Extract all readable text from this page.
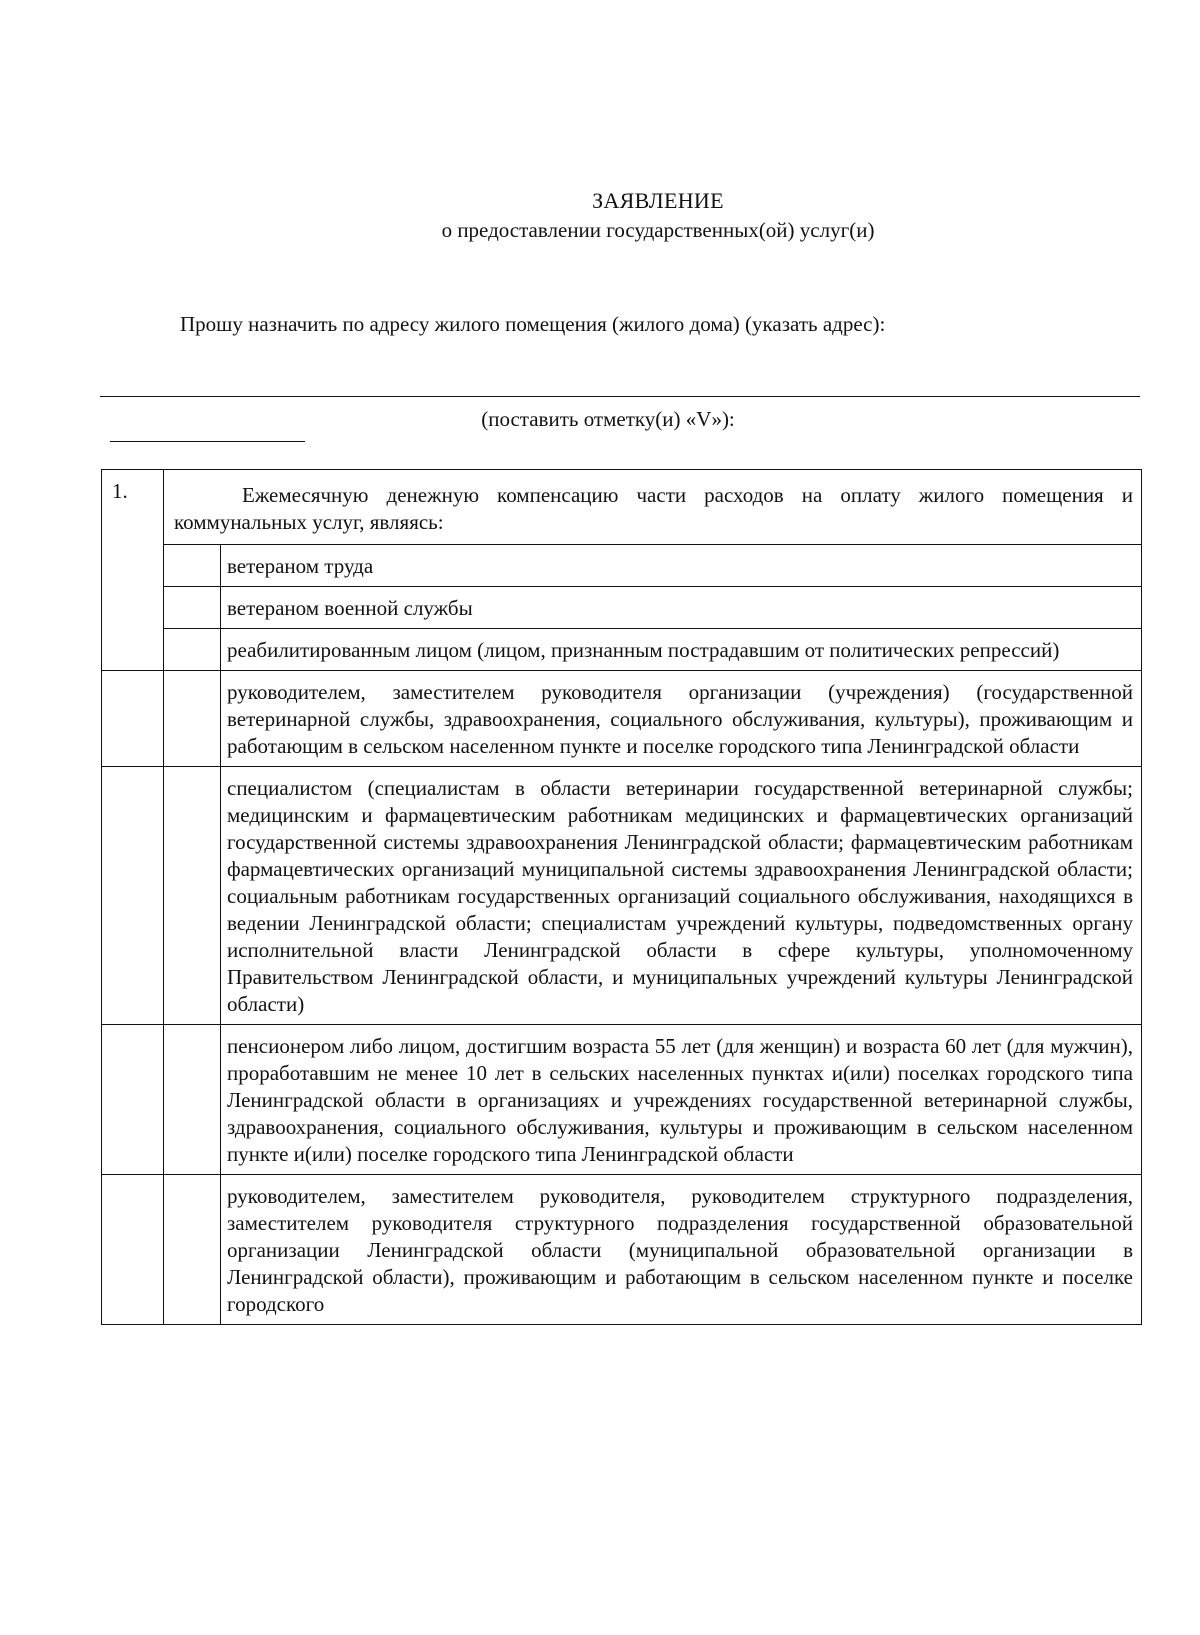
ЗАЯВЛЕНИЕ
о предоставлении государственных(ой) услуг(и)
Прошу назначить по адресу жилого помещения (жилого дома) (указать адрес):
(поставить отметку(и) «V»):
1.	Ежемесячную денежную компенсацию части расходов на оплату жилого помещения и коммунальных услуг, являясь:	
		ветераном труда
		ветераном военной службы
		реабилитированным лицом (лицом, признанным пострадавшим от политических репрессий)
		руководителем, заместителем руководителя организации (учреждения) (государственной ветеринарной службы, здравоохранения, социального обслуживания, культуры), проживающим и работающим в сельском населенном пункте и поселке городского типа Ленинградской области
		специалистом (специалистам в области ветеринарии государственной ветеринарной службы; медицинским и фармацевтическим работникам медицинских и фармацевтических организаций государственной системы здравоохранения Ленинградской области; фармацевтическим работникам фармацевтических организаций муниципальной системы здравоохранения Ленинградской области; социальным работникам государственных организаций социального обслуживания, находящихся в ведении Ленинградской области; специалистам учреждений культуры, подведомственных органу исполнительной власти Ленинградской области в сфере культуры, уполномоченному Правительством Ленинградской области, и муниципальных учреждений культуры Ленинградской области)
		пенсионером либо лицом, достигшим возраста 55 лет (для женщин) и возраста 60 лет (для мужчин), проработавшим не менее 10 лет в сельских населенных пунктах и(или) поселках городского типа Ленинградской области в организациях и учреждениях государственной ветеринарной службы, здравоохранения, социального обслуживания, культуры и проживающим в сельском населенном пункте и(или) поселке городского типа Ленинградской области
		руководителем, заместителем руководителя, руководителем структурного подразделения, заместителем руководителя структурного подразделения государственной образовательной организации Ленинградской области (муниципальной образовательной организации в Ленинградской области), проживающим и работающим в сельском населенном пункте и поселке городского
